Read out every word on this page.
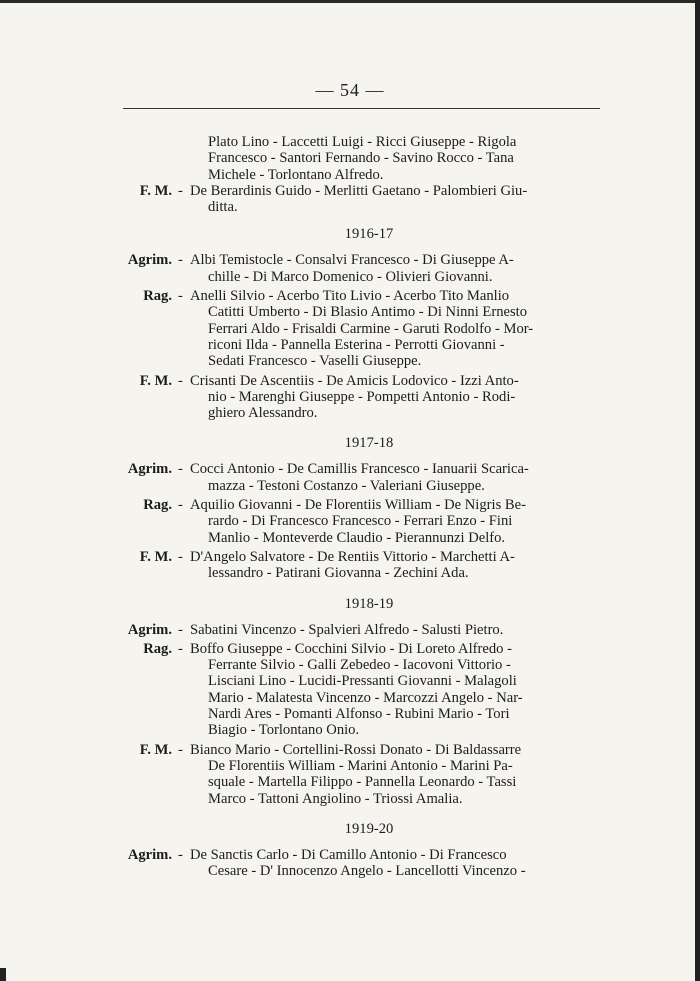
— 54 —
Plato Lino - Laccetti Luigi - Ricci Giuseppe - Rigola
Francesco - Santori Fernando - Savino Rocco - Tana
Michele - Torlontano Alfredo.
F. M. - De Berardinis Guido - Merlitti Gaetano - Palombieri Giu-
ditta.
1916-17
Agrim. - Albi Temistocle - Consalvi Francesco - Di Giuseppe A-
chille - Di Marco Domenico - Olivieri Giovanni.
Rag. - Anelli Silvio - Acerbo Tito Livio - Acerbo Tito Manlio
Catitti Umberto - Di Blasio Antimo - Di Ninni Ernesto
Ferrari Aldo - Frisaldi Carmine - Garuti Rodolfo - Mor-
riconi Ilda - Pannella Esterina - Perrotti Giovanni -
Sedati Francesco - Vaselli Giuseppe.
F. M. - Crisanti De Ascentiis - De Amicis Lodovico - Izzi Anto-
nio - Marenghi Giuseppe - Pompetti Antonio - Rodi-
ghiero Alessandro.
1917-18
Agrim. - Cocci Antonio - De Camillis Francesco - Ianuarii Scarica-
mazza - Testoni Costanzo - Valeriani Giuseppe.
Rag. - Aquilio Giovanni - De Florentiis William - De Nigris Be-
rardo - Di Francesco Francesco - Ferrari Enzo - Fini
Manlio - Monteverde Claudio - Pierannunzi Delfo.
F. M. - D'Angelo Salvatore - De Rentiis Vittorio - Marchetti A-
lessandro - Patirani Giovanna - Zechini Ada.
1918-19
Agrim. - Sabatini Vincenzo - Spalvieri Alfredo - Salusti Pietro.
Rag. - Boffo Giuseppe - Cocchini Silvio - Di Loreto Alfredo -
Ferrante Silvio - Galli Zebedeo - Iacovoni Vittorio -
Lisciani Lino - Lucidi-Pressanti Giovanni - Malagoli
Mario - Malatesta Vincenzo - Marcozzi Angelo - Nar-
Nardi Ares - Pomanti Alfonso - Rubini Mario - Tori
Biagio - Torlontano Onio.
F. M. - Bianco Mario - Cortellini-Rossi Donato - Di Baldassarre
De Florentiis William - Marini Antonio - Marini Pa-
squale - Martella Filippo - Pannella Leonardo - Tassi
Marco - Tattoni Angiolino - Triossi Amalia.
1919-20
Agrim. - De Sanctis Carlo - Di Camillo Antonio - Di Francesco
Cesare - D' Innocenzo Angelo - Lancellotti Vincenzo -
